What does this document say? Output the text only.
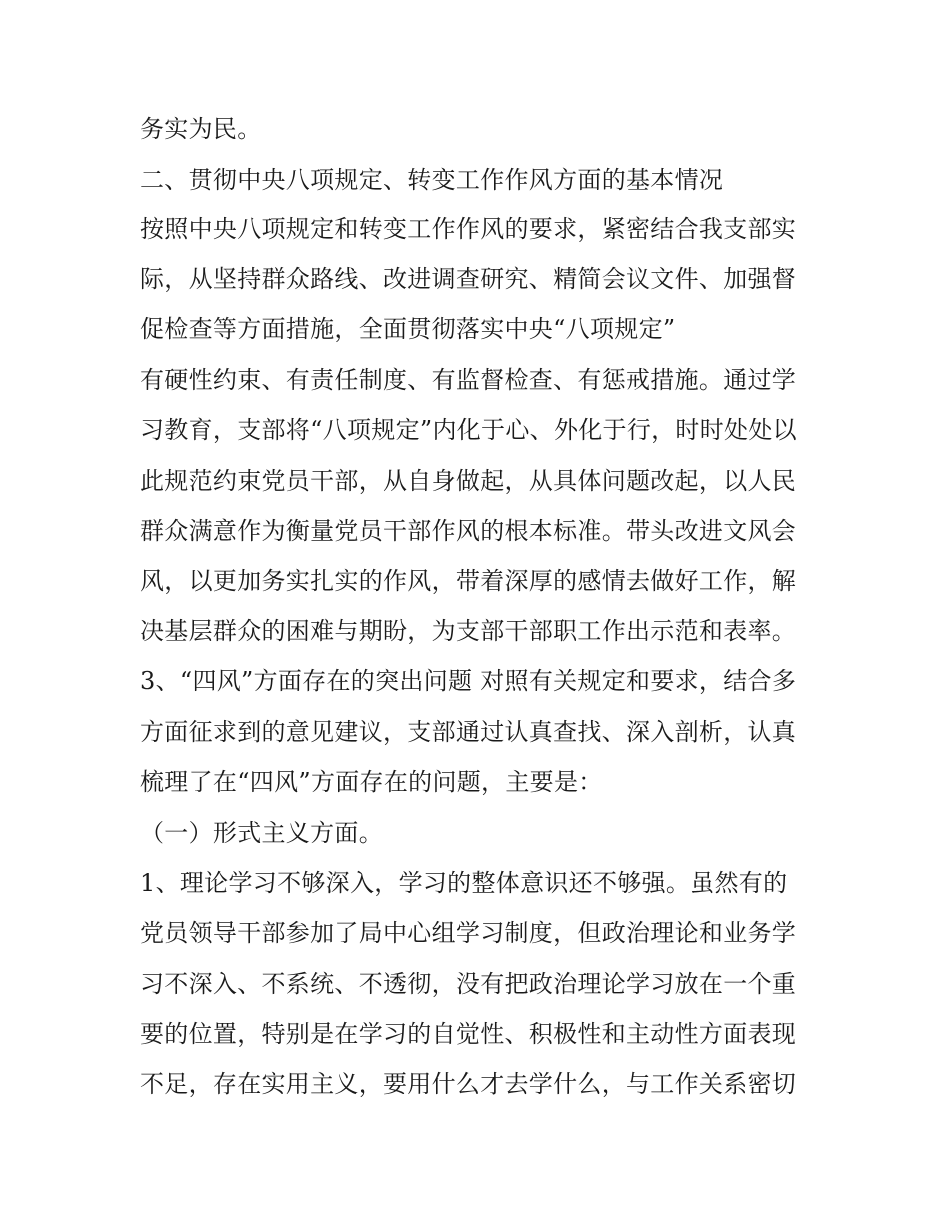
务实为民。
二、贯彻中央八项规定、转变工作作风方面的基本情况
按照中央八项规定和转变工作作风的要求，紧密结合我支部实
际，从坚持群众路线、改进调查研究、精简会议文件、加强督
促检查等方面措施，全面贯彻落实中央“八项规定”
有硬性约束、有责任制度、有监督检查、有惩戒措施。通过学
习教育，支部将“八项规定”内化于心、外化于行，时时处处以
此规范约束党员干部，从自身做起，从具体问题改起，以人民
群众满意作为衡量党员干部作风的根本标准。带头改进文风会
风，以更加务实扎实的作风，带着深厚的感情去做好工作，解
决基层群众的困难与期盼，为支部干部职工作出示范和表率。
3、“四风”方面存在的突出问题 对照有关规定和要求，结合多
方面征求到的意见建议，支部通过认真查找、深入剖析，认真
梳理了在“四风”方面存在的问题，主要是：
（一）形式主义方面。
1、理论学习不够深入，学习的整体意识还不够强。虽然有的
党员领导干部参加了局中心组学习制度，但政治理论和业务学
习不深入、不系统、不透彻，没有把政治理论学习放在一个重
要的位置，特别是在学习的自觉性、积极性和主动性方面表现
不足，存在实用主义，要用什么才去学什么，与工作关系密切
